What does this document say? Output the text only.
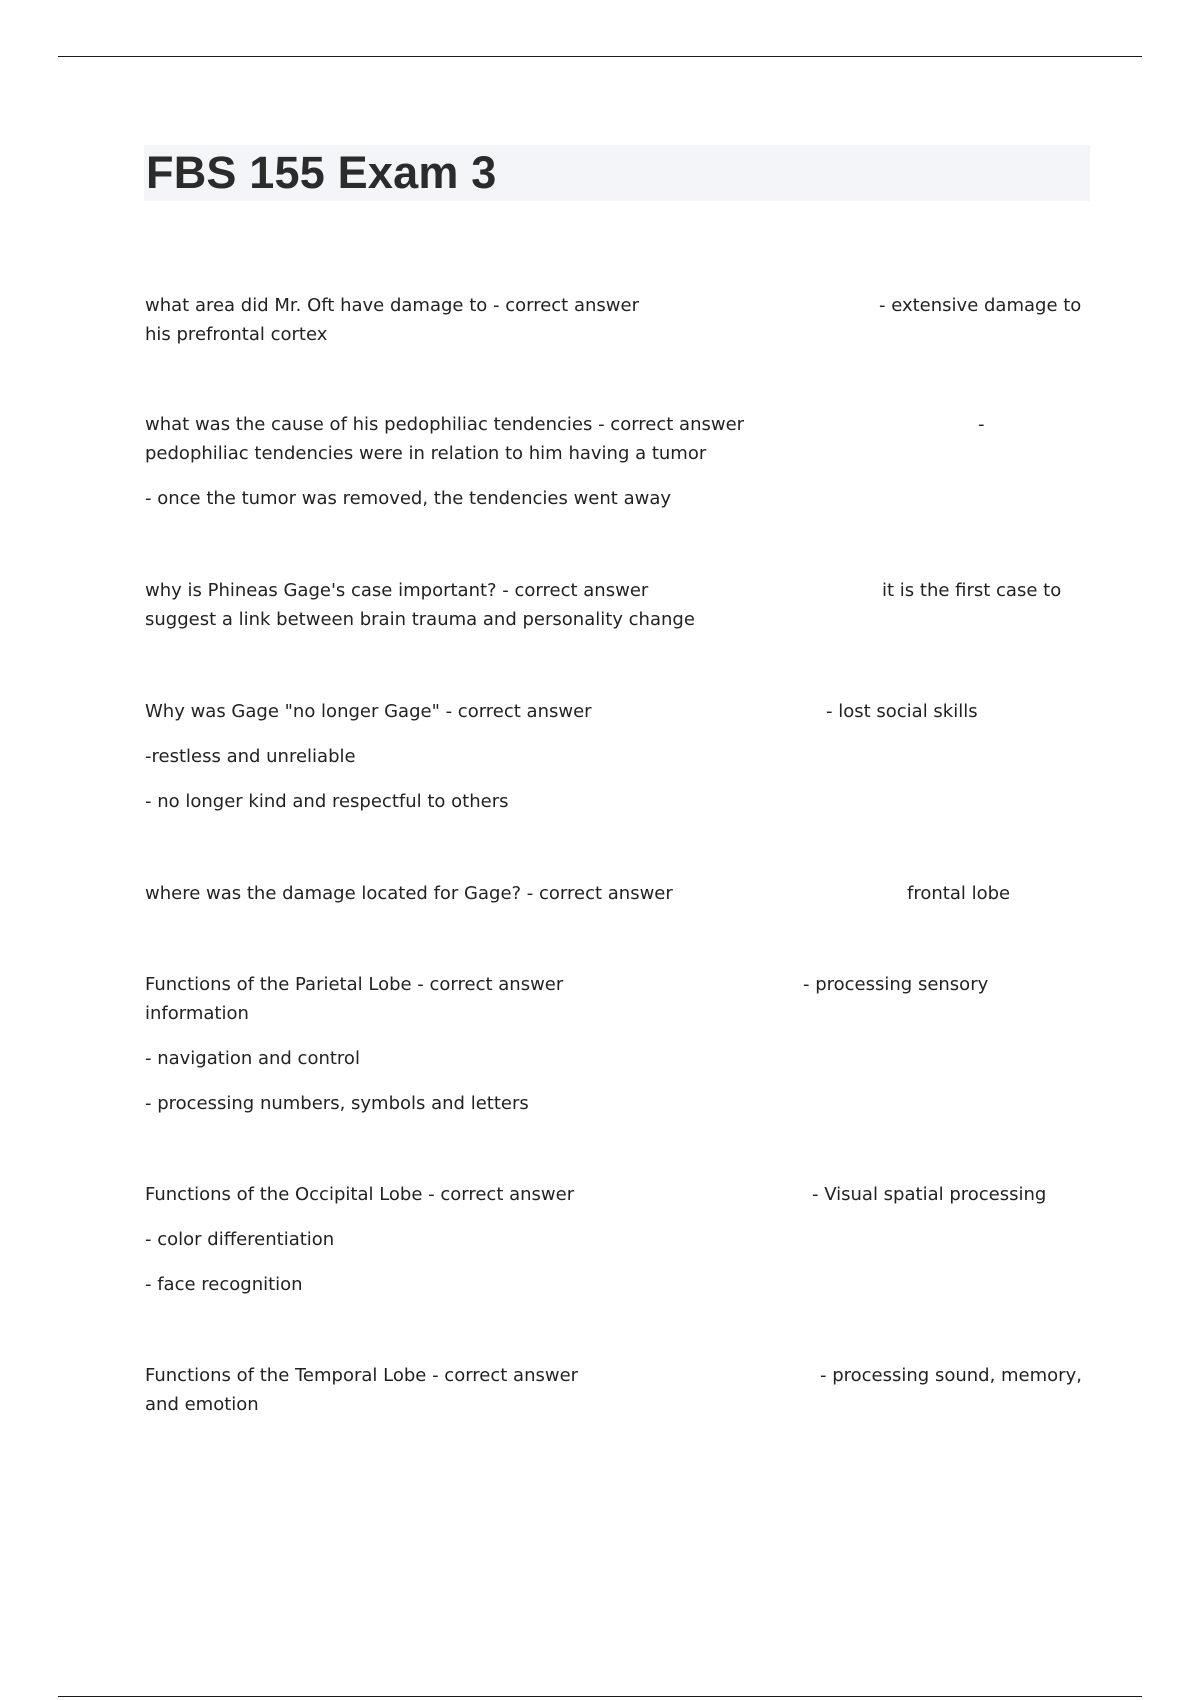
FBS 155 Exam 3
what area did Mr. Oft have damage to - correct answer	- extensive damage to
his prefrontal cortex
what was the cause of his pedophiliac tendencies - correct answer	-
pedophiliac tendencies were in relation to him having a tumor
- once the tumor was removed, the tendencies went away
why is Phineas Gage's case important? - correct answer	it is the first case to
suggest a link between brain trauma and personality change
Why was Gage "no longer Gage" - correct answer	- lost social skills
-restless and unreliable
- no longer kind and respectful to others
where was the damage located for Gage? - correct answer	frontal lobe
Functions of the Parietal Lobe - correct answer	- processing sensory
information
- navigation and control
- processing numbers, symbols and letters
Functions of the Occipital Lobe - correct answer	- Visual spatial processing
- color differentiation
- face recognition
Functions of the Temporal Lobe - correct answer	- processing sound, memory,
and emotion
